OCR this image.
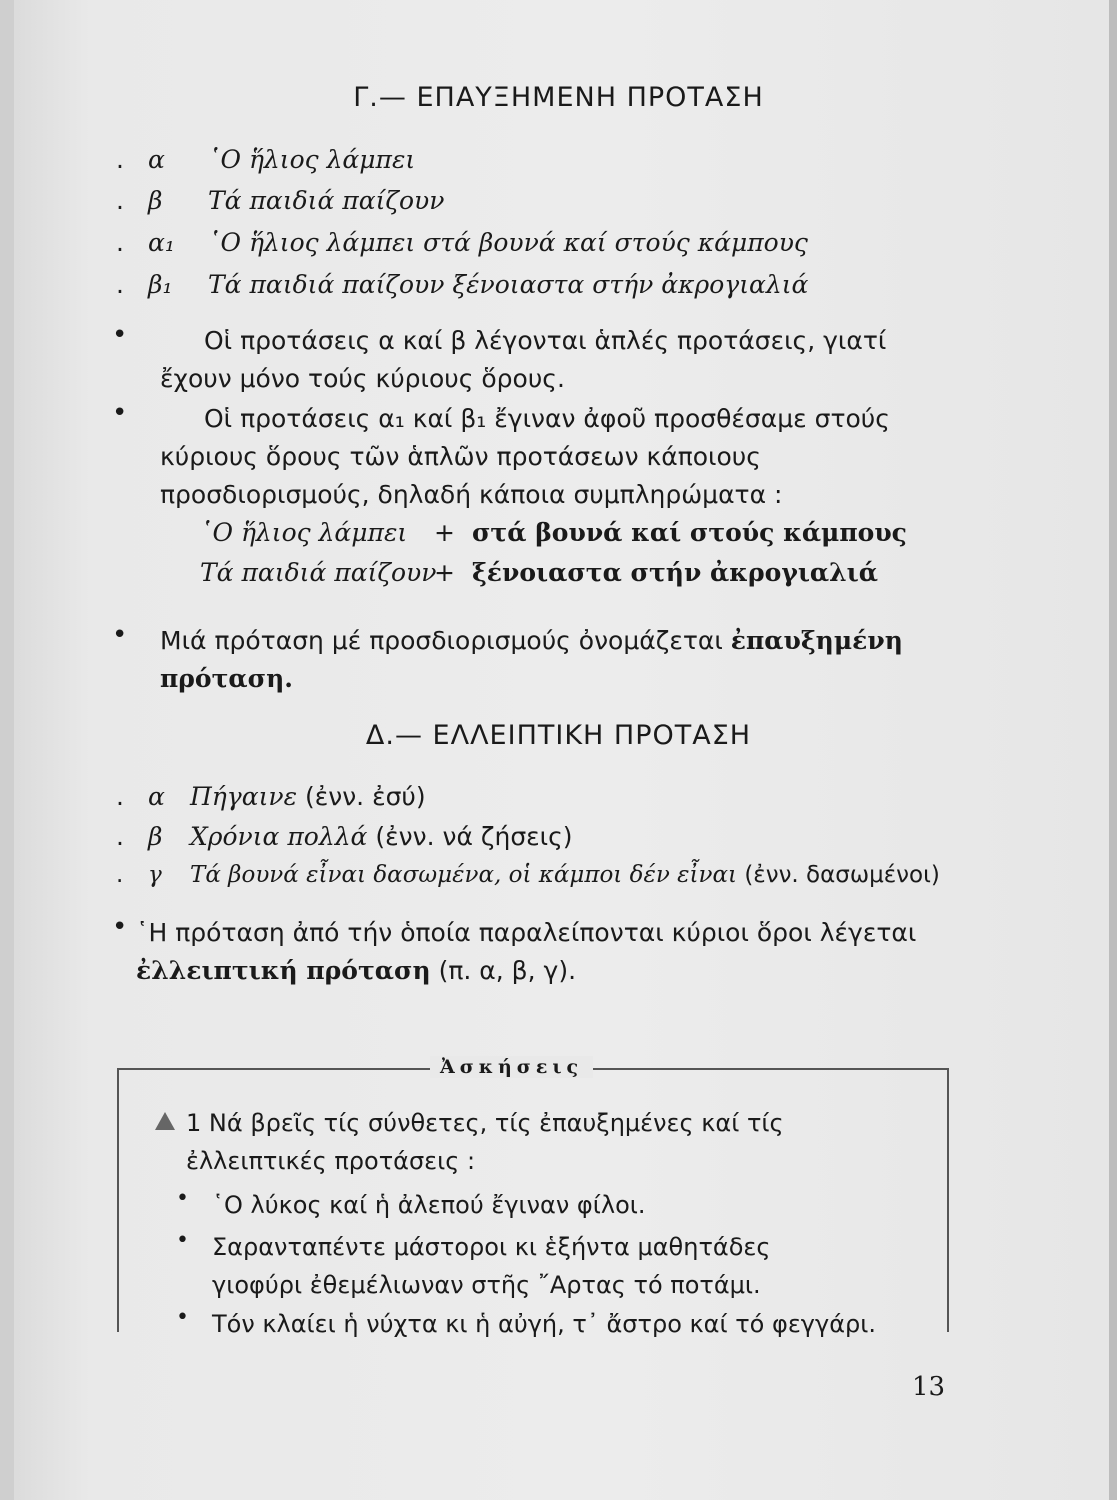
Γ.— ΕΠΑΥΞΗΜΕΝΗ ΠΡΟΤΑΣΗ
. α ῾Ο ἥλιος λάμπει
. β Τά παιδιά παίζουν
. α₁ ῾Ο ἥλιος λάμπει στά βουνά καί στούς κάμπους
. β₁ Τά παιδιά παίζουν ξένοιαστα στήν ἀκρογιαλιά
•	Οἱ προτάσεις α καί β λέγονται ἁπλές προτάσεις, γιατί ἔχουν μόνο τούς κύριους ὅρους.
•	Οἱ προτάσεις α₁ καί β₁ ἔγιναν ἀφοῦ προσθέσαμε στούς κύριους ὅρους τῶν ἁπλῶν προτάσεων κάποιους προσδιορισμούς, δηλαδή κάποια συμπληρώματα :
῾Ο ἥλιος λάμπει + στά βουνά καί στούς κάμπους
Τά παιδιά παίζουν
+ ξένοιαστα στήν ἀκρογιαλιά
• Μιά πρόταση μέ προσδιορισμούς ὀνομάζεται ἐπαυξημένη πρόταση.
Δ.— ΕΛΛΕΙΠΤΙΚΗ ΠΡΟΤΑΣΗ
. α Πήγαινε (ἐνν. ἐσύ)
. β Χρόνια πολλά (ἐνν. νά ζήσεις)
. γ Τά βουνά εἶναι δασωμένα, οἱ κάμποι δέν εἶναι (ἐνν. δασωμένοι)
• ῾Η πρόταση ἀπό τήν ὁποία παραλείπονται κύριοι ὅροι λέγεται ἐλλειπτική πρόταση (π. α, β, γ).
Ἀσκήσεις
1 Νά βρεῖς τίς σύνθετες, τίς ἐπαυξημένες καί τίς ἐλλειπτικές προτάσεις :
• ῾Ο λύκος καί ἡ ἀλεπού ἔγιναν φίλοι.
• Σαρανταπέντε μάστοροι κι ἑξήντα μαθητάδες γιοφύρι ἐθεμέλιωναν στῆς ῎Αρτας τό ποτάμι.
• Τόν κλαίει ἡ νύχτα κι ἡ αὐγή, τ᾽ ἄστρο καί τό φεγγάρι.
13
